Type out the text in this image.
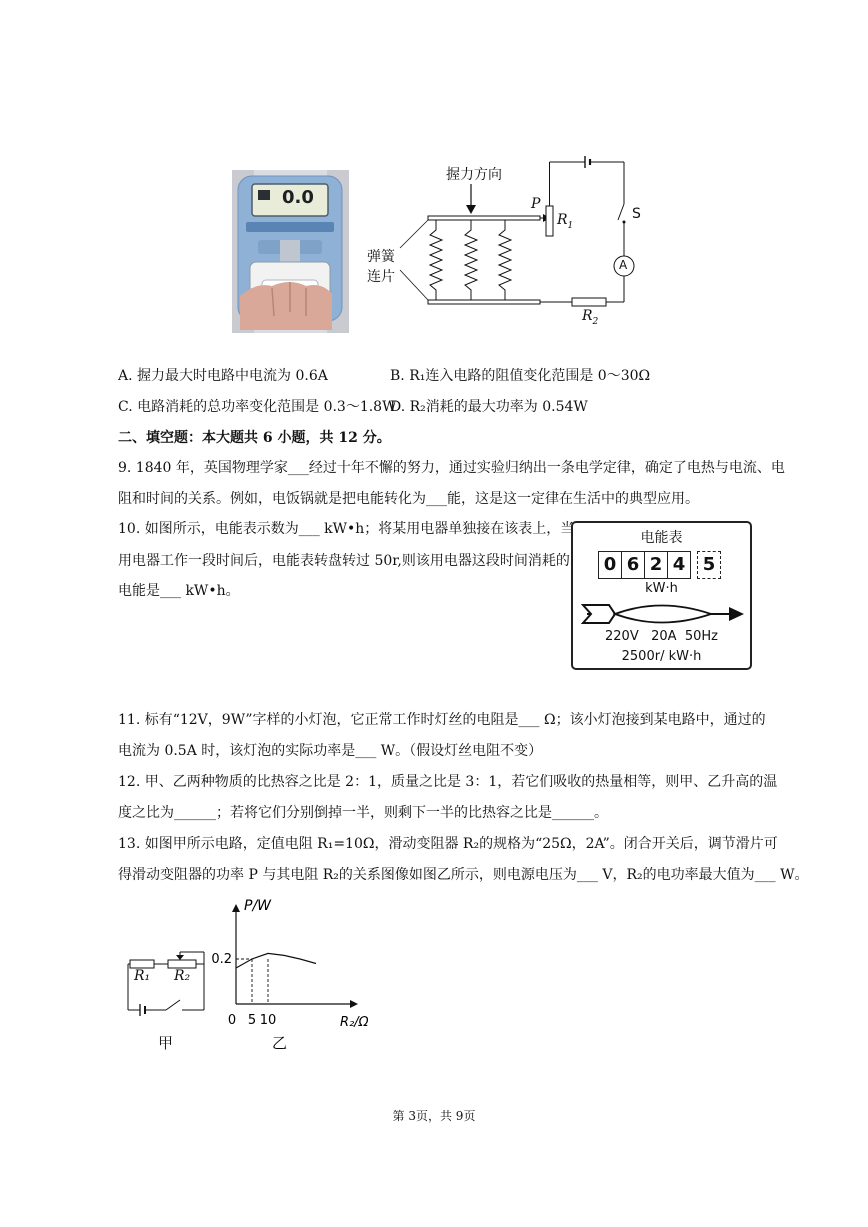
0.0
握力方向
P
$R_1$
S
A
$R_2$
弹簧
连片
A. 握力最大时电路中电流为 0.6A	B. R₁连入电路的阻值变化范围是 0～30Ω
C. 电路消耗的总功率变化范围是 0.3～1.8W
D. R₂消耗的最大功率为 0.54W
二、填空题：本大题共 6 小题，共 12 分。
9. 1840 年，英国物理学家___经过十年不懈的努力，通过实验归纳出一条电学定律，确定了电热与电流、电
阻和时间的关系。例如，电饭锅就是把电能转化为___能，这是这一定律在生活中的典型应用。
10. 如图所示，电能表示数为___ kW•h；将某用电器单独接在该表上，当
用电器工作一段时间后，电能表转盘转过 50r,则该用电器这段时间消耗的
电能是___ kW•h。
电能表
0 6 2 4 5
kW·h
220V   20A  50Hz
2500r/ kW·h
11. 标有“12V，9W”字样的小灯泡，它正常工作时灯丝的电阻是___ Ω；该小灯泡接到某电路中，通过的
电流为 0.5A 时，该灯泡的实际功率是___ W。（假设灯丝电阻不变）
12. 甲、乙两种物质的比热容之比是 2：1，质量之比是 3：1，若它们吸收的热量相等，则甲、乙升高的温
度之比为______；若将它们分别倒掉一半，则剩下一半的比热容之比是______。
13. 如图甲所示电路，定值电阻 R₁=10Ω，滑动变阻器 R₂的规格为“25Ω，2A”。闭合开关后，调节滑片可
得滑动变阻器的功率 P 与其电阻 R₂的关系图像如图乙所示，则电源电压为___ V，R₂的电功率最大值为___ W。
R₁ R₂
甲
0 5 10
0.2
P/W
R₂/Ω
乙
第 3页，共 9页
